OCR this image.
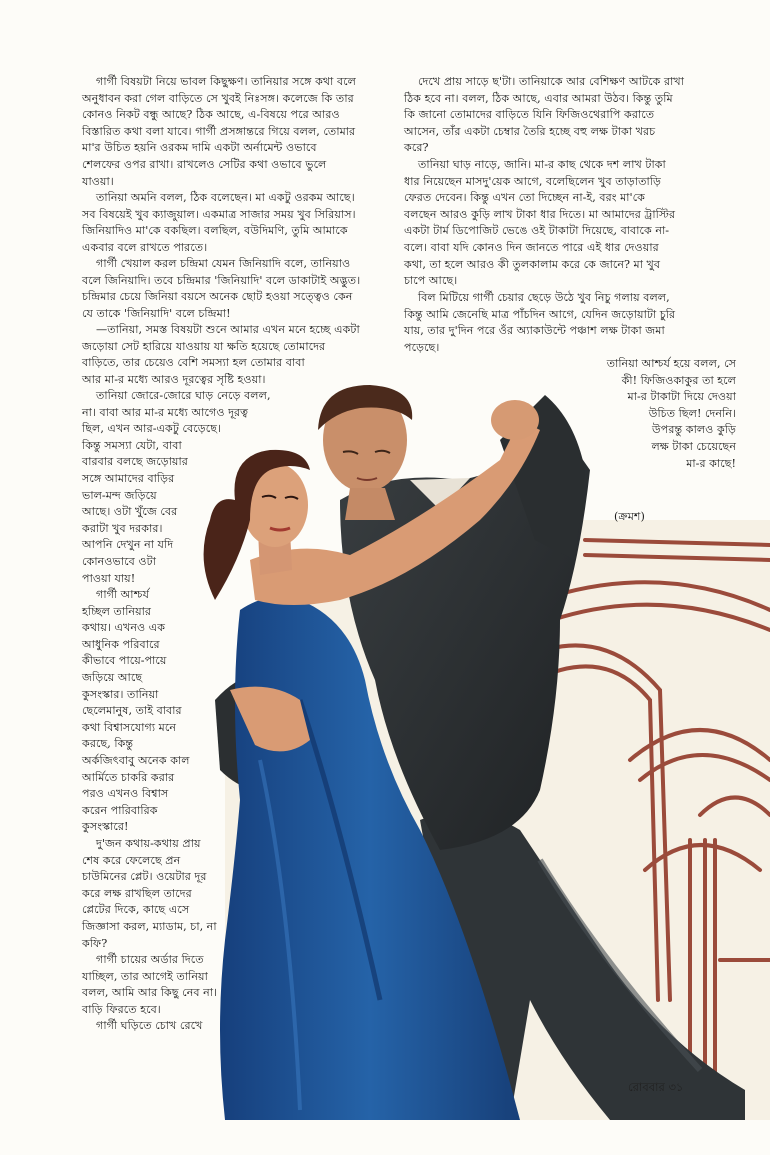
গার্গী বিষয়টা নিয়ে ভাবল কিছুক্ষণ। তানিয়ার সঙ্গে কথা বলে
অনুধাবন করা গেল বাড়িতে সে খুবই নিঃসঙ্গ। কলেজে কি তার
কোনও নিকট বন্ধু আছে? ঠিক আছে, এ-বিষয়ে পরে আরও
বিস্তারিত কথা বলা যাবে। গার্গী প্রসঙ্গান্তরে গিয়ে বলল, তোমার
মা'র উচিত হয়নি ওরকম দামি একটা অর্নামেন্ট ওভাবে
শেলফের ওপর রাখা। রাখলেও সেটির কথা ওভাবে ভুলে
যাওয়া।

তানিয়া অমনি বলল, ঠিক বলেছেন। মা একটু ওরকম আছে।
সব বিষয়েই খুব ক্যাজুয়াল। একমাত্র সাজার সময় খুব সিরিয়াস।
জিনিয়াদিও মা'কে বকছিল। বলছিল, বউদিমণি, তুমি আমাকে
একবার বলে রাখতে পারতে।

গার্গী খেয়াল করল চন্দ্রিমা যেমন জিনিয়াদি বলে, তানিয়াও
বলে জিনিয়াদি। তবে চন্দ্রিমার 'জিনিয়াদি' বলে ডাকাটাই অদ্ভুত।
চন্দ্রিমার চেয়ে জিনিয়া বয়সে অনেক ছোট হওয়া সত্ত্বেও কেন
যে তাকে 'জিনিয়াদি' বলে চন্দ্রিমা!

—তানিয়া, সমস্ত বিষয়টা শুনে আমার এখন মনে হচ্ছে একটা
জড়োয়া সেট হারিয়ে যাওয়ায় যা ক্ষতি হয়েছে তোমাদের
বাড়িতে, তার চেয়েও বেশি সমস্যা হল তোমার বাবা
আর মা-র মধ্যে আরও দূরত্বের সৃষ্টি হওয়া।

তানিয়া জোরে-জোরে ঘাড় নেড়ে বলল,
না। বাবা আর মা-র মধ্যে আগেও দূরত্ব
ছিল, এখন আর-একটু বেড়েছে।
কিন্তু সমস্যা যেটা, বাবা
বারবার বলছে জড়োয়ার
সঙ্গে আমাদের বাড়ির
ভাল-মন্দ জড়িয়ে
আছে। ওটা খুঁজে বের
করাটা খুব দরকার।
আপনি দেখুন না যদি
কোনওভাবে ওটা
পাওয়া যায়!

গার্গী আশ্চর্য
হচ্ছিল তানিয়ার
কথায়। এখনও এক
আধুনিক পরিবারে
কীভাবে পায়ে-পায়ে
জড়িয়ে আছে
কুসংস্কার। তানিয়া
ছেলেমানুষ, তাই বাবার
কথা বিশ্বাসযোগ্য মনে
করছে, কিন্তু
অর্কজিৎবাবু অনেক কাল
আর্মিতে চাকরি করার
পরও এখনও বিশ্বাস
করেন পারিবারিক
কুসংস্কারে!

দু'জন কথায়-কথায় প্রায়
শেষ করে ফেলেছে প্রন
চাউমিনের প্লেট। ওয়েটার দূর
করে লক্ষ রাখছিল তাদের
প্লেটের দিকে, কাছে এসে
জিজ্ঞাসা করল, ম্যাডাম, চা, না
কফি?

গার্গী চায়ের অর্ডার দিতে
যাচ্ছিল, তার আগেই তানিয়া
বলল, আমি আর কিছু নেব না।
বাড়ি ফিরতে হবে।

গার্গী ঘড়িতে চোখ রেখে

দেখে প্রায় সাড়ে ছ'টা। তানিয়াকে আর বেশিক্ষণ আটকে রাখা
ঠিক হবে না। বলল, ঠিক আছে, এবার আমরা উঠব। কিন্তু তুমি
কি জানো তোমাদের বাড়িতে যিনি ফিজিওথেরাপি করাতে
আসেন, তাঁর একটা চেম্বার তৈরি হচ্ছে বহু লক্ষ টাকা খরচ
করে?

তানিয়া ঘাড় নাড়ে, জানি। মা-র কাছ থেকে দশ লাখ টাকা
ধার নিয়েছেন মাসদু'য়েক আগে, বলেছিলেন খুব তাড়াতাড়ি
ফেরত দেবেন। কিন্তু এখন তো দিচ্ছেন না-ই, বরং মা'কে
বলছেন আরও কুড়ি লাখ টাকা ধার দিতে। মা আমাদের ট্রাস্টির
একটা টার্ম ডিপোজিট ভেঙে ওই টাকাটা দিয়েছে, বাবাকে না-
বলে। বাবা যদি কোনও দিন জানতে পারে এই ধার দেওয়ার
কথা, তা হলে আরও কী তুলকালাম করে কে জানে? মা খুব
চাপে আছে।

বিল মিটিয়ে গার্গী চেয়ার ছেড়ে উঠে খুব নিচু গলায় বলল,
কিন্তু আমি জেনেছি মাত্র পাঁচদিন আগে, যেদিন জড়োয়াটা চুরি
যায়, তার দু'দিন পরে ওঁর অ্যাকাউন্টে পঞ্চাশ লক্ষ টাকা জমা
পড়েছে।

তানিয়া আশ্চর্য হয়ে বলল, সে
কী! ফিজিওকাকুর তা হলে
মা-র টাকাটা দিয়ে দেওয়া
উচিত ছিল! দেননি।
উপরন্তু কালও কুড়ি
লক্ষ টাকা চেয়েছেন
মা-র কাছে!

(ক্রমশ)
রোববার ৩১
